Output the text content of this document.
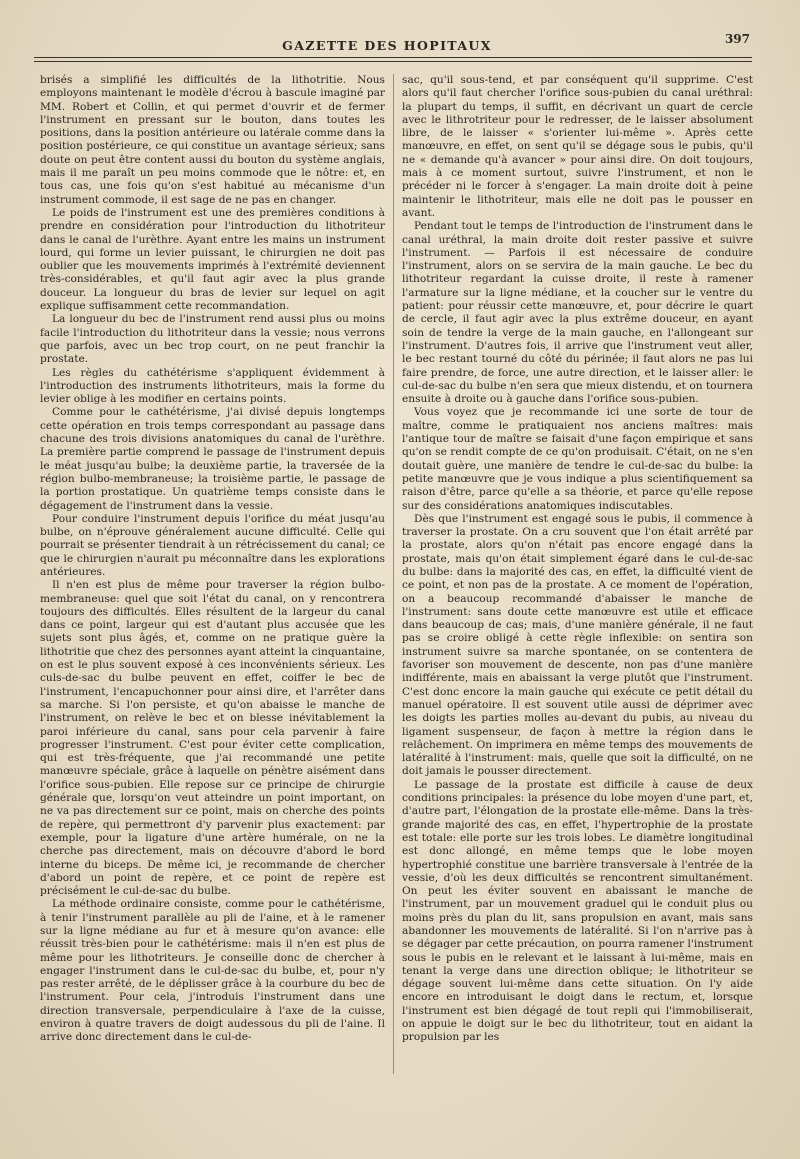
GAZETTE DES HOPITAUX	397

brisés a simplifié les difficultés de la lithotritie. Nous employons maintenant le modèle d'écrou à bascule imaginé par MM. Robert et Collin, et qui permet d'ouvrir et de fermer l'instrument en pressant sur le bouton, dans toutes les positions, dans la position antérieure ou latérale comme dans la position postérieure, ce qui constitue un avantage sérieux; sans doute on peut être content aussi du bouton du système anglais, mais il me paraît un peu moins commode que le nôtre: et, en tous cas, une fois qu'on s'est habitué au mécanisme d'un instrument commode, il est sage de ne pas en changer.

Le poids de l'instrument est une des premières conditions à prendre en considération pour l'introduction du lithotriteur dans le canal de l'urèthre. Ayant entre les mains un instrument lourd, qui forme un levier puissant, le chirurgien ne doit pas oublier que les mouvements imprimés à l'extrémité deviennent très-considérables, et qu'il faut agir avec la plus grande douceur. La longueur du bras de levier sur lequel on agit explique suffisamment cette recommandation.

La longueur du bec de l'instrument rend aussi plus ou moins facile l'introduction du lithotriteur dans la vessie; nous verrons que parfois, avec un bec trop court, on ne peut franchir la prostate.

Les règles du cathétérisme s'appliquent évidemment à l'introduction des instruments lithotriteurs, mais la forme du levier oblige à les modifier en certains points.

Comme pour le cathétérisme, j'ai divisé depuis longtemps cette opération en trois temps correspondant au passage dans chacune des trois divisions anatomiques du canal de l'urèthre. La première partie comprend le passage de l'instrument depuis le méat jusqu'au bulbe; la deuxième partie, la traversée de la région bulbo-membraneuse; la troisième partie, le passage de la portion prostatique. Un quatrième temps consiste dans le dégagement de l'instrument dans la vessie.

Pour conduire l'instrument depuis l'orifice du méat jusqu'au bulbe, on n'éprouve généralement aucune difficulté. Celle qui pourrait se présenter tiendrait à un rétrécissement du canal; ce que le chirurgien n'aurait pu méconnaître dans les explorations antérieures.

Il n'en est plus de même pour traverser la région bulbo-membraneuse: quel que soit l'état du canal, on y rencontrera toujours des difficultés. Elles résultent de la largeur du canal dans ce point, largeur qui est d'autant plus accusée que les sujets sont plus âgés, et, comme on ne pratique guère la lithotritie que chez des personnes ayant atteint la cinquantaine, on est le plus souvent exposé à ces inconvénients sérieux. Les culs-de-sac du bulbe peuvent en effet, coiffer le bec de l'instrument, l'encapuchonner pour ainsi dire, et l'arrêter dans sa marche. Si l'on persiste, et qu'on abaisse le manche de l'instrument, on relève le bec et on blesse inévitablement la paroi inférieure du canal, sans pour cela parvenir à faire progresser l'instrument. C'est pour éviter cette complication, qui est très-fréquente, que j'ai recommandé une petite manœuvre spéciale, grâce à laquelle on pénètre aisément dans l'orifice sous-pubien. Elle repose sur ce principe de chirurgie générale que, lorsqu'on veut atteindre un point important, on ne va pas directement sur ce point, mais on cherche des points de repère, qui permettront d'y parvenir plus exactement: par exemple, pour la ligature d'une artère humérale, on ne la cherche pas directement, mais on découvre d'abord le bord interne du biceps. De même ici, je recommande de chercher d'abord un point de repère, et ce point de repère est précisément le cul-de-sac du bulbe.

La méthode ordinaire consiste, comme pour le cathétérisme, à tenir l'instrument parallèle au pli de l'aine, et à le ramener sur la ligne médiane au fur et à mesure qu'on avance: elle réussit très-bien pour le cathétérisme: mais il n'en est plus de même pour les lithotriteurs. Je conseille donc de chercher à engager l'instrument dans le cul-de-sac du bulbe, et, pour n'y pas rester arrêté, de le déplisser grâce à la courbure du bec de l'instrument. Pour cela, j'introduis l'instrument dans une direction transversale, perpendiculaire à l'axe de la cuisse, environ à quatre travers de doigt audessous du pli de l'aine. Il arrive donc directement dans le cul-de-

sac, qu'il sous-tend, et par conséquent qu'il supprime. C'est alors qu'il faut chercher l'orifice sous-pubien du canal uréthral: la plupart du temps, il suffit, en décrivant un quart de cercle avec le lithrotriteur pour le redresser, de le laisser absolument libre, de le laisser « s'orienter lui-même ». Après cette manœuvre, en effet, on sent qu'il se dégage sous le pubis, qu'il ne « demande qu'à avancer » pour ainsi dire. On doit toujours, mais à ce moment surtout, suivre l'instrument, et non le précéder ni le forcer à s'engager. La main droite doit à peine maintenir le lithotriteur, mais elle ne doit pas le pousser en avant.

Pendant tout le temps de l'introduction de l'instrument dans le canal uréthral, la main droite doit rester passive et suivre l'instrument. — Parfois il est nécessaire de conduire l'instrument, alors on se servira de la main gauche. Le bec du lithotriteur regardant la cuisse droite, il reste à ramener l'armature sur la ligne médiane, et la coucher sur le ventre du patient: pour réussir cette manœuvre, et, pour décrire le quart de cercle, il faut agir avec la plus extrême douceur, en ayant soin de tendre la verge de la main gauche, en l'allongeant sur l'instrument. D'autres fois, il arrive que l'instrument veut aller, le bec restant tourné du côté du périnée; il faut alors ne pas lui faire prendre, de force, une autre direction, et le laisser aller: le cul-de-sac du bulbe n'en sera que mieux distendu, et on tournera ensuite à droite ou à gauche dans l'orifice sous-pubien.

Vous voyez que je recommande ici une sorte de tour de maître, comme le pratiquaient nos anciens maîtres: mais l'antique tour de maître se faisait d'une façon empirique et sans qu'on se rendit compte de ce qu'on produisait. C'était, on ne s'en doutait guère, une manière de tendre le cul-de-sac du bulbe: la petite manœuvre que je vous indique a plus scientifiquement sa raison d'être, parce qu'elle a sa théorie, et parce qu'elle repose sur des considérations anatomiques indiscutables.

Dès que l'instrument est engagé sous le pubis, il commence à traverser la prostate. On a cru souvent que l'on était arrêté par la prostate, alors qu'on n'était pas encore engagé dans la prostate, mais qu'on était simplement égaré dans le cul-de-sac du bulbe: dans la majorité des cas, en effet, la difficulté vient de ce point, et non pas de la prostate. A ce moment de l'opération, on a beaucoup recommandé d'abaisser le manche de l'instrument: sans doute cette manœuvre est utile et efficace dans beaucoup de cas; mais, d'une manière générale, il ne faut pas se croire obligé à cette règle inflexible: on sentira son instrument suivre sa marche spontanée, on se contentera de favoriser son mouvement de descente, non pas d'une manière indifférente, mais en abaissant la verge plutôt que l'instrument. C'est donc encore la main gauche qui exécute ce petit détail du manuel opératoire. Il est souvent utile aussi de déprimer avec les doigts les parties molles au-devant du pubis, au niveau du ligament suspenseur, de façon à mettre la région dans le relâchement. On imprimera en même temps des mouvements de latéralité à l'instrument: mais, quelle que soit la difficulté, on ne doit jamais le pousser directement.

Le passage de la prostate est difficile à cause de deux conditions principales: la présence du lobe moyen d'une part, et, d'autre part, l'élongation de la prostate elle-même. Dans la très-grande majorité des cas, en effet, l'hypertrophie de la prostate est totale: elle porte sur les trois lobes. Le diamètre longitudinal est donc allongé, en même temps que le lobe moyen hypertrophié constitue une barrière transversale à l'entrée de la vessie, d'où les deux difficultés se rencontrent simultanément. On peut les éviter souvent en abaissant le manche de l'instrument, par un mouvement graduel qui le conduit plus ou moins près du plan du lit, sans propulsion en avant, mais sans abandonner les mouvements de latéralité. Si l'on n'arrive pas à se dégager par cette précaution, on pourra ramener l'instrument sous le pubis en le relevant et le laissant à lui-même, mais en tenant la verge dans une direction oblique; le lithotriteur se dégage souvent lui-même dans cette situation. On l'y aide encore en introduisant le doigt dans le rectum, et, lorsque l'instrument est bien dégagé de tout repli qui l'immobiliserait, on appuie le doigt sur le bec du lithotriteur, tout en aidant la propulsion par les
